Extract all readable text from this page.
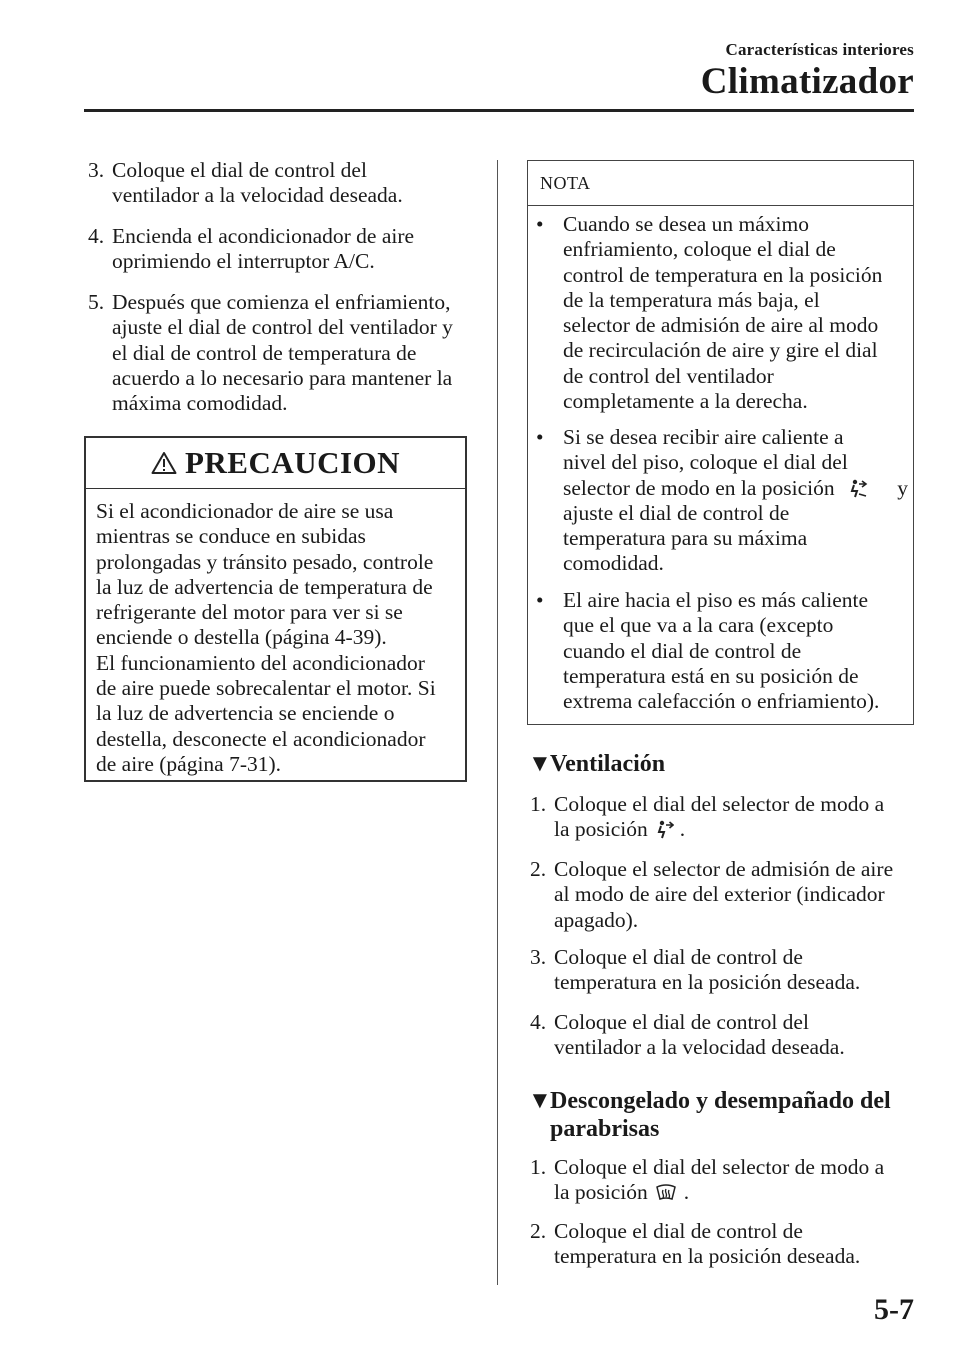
Características interiores
Climatizador
3. Coloque el dial de control del
ventilador a la velocidad deseada.
4. Encienda el acondicionador de aire
oprimiendo el interruptor A/C.
5. Después que comienza el enfriamiento,
ajuste el dial de control del ventilador y
el dial de control de temperatura de
acuerdo a lo necesario para mantener la
máxima comodidad.
PRECAUCION
Si el acondicionador de aire se usa
mientras se conduce en subidas
prolongadas y tránsito pesado, controle
la luz de advertencia de temperatura de
refrigerante del motor para ver si se
enciende o destella (página 4-39).
El funcionamiento del acondicionador
de aire puede sobrecalentar el motor. Si
la luz de advertencia se enciende o
destella, desconecte el acondicionador
de aire (página 7-31).
NOTA
• Cuando se desea un máximo
enfriamiento, coloque el dial de
control de temperatura en la posición
de la temperatura más baja, el
selector de admisión de aire al modo
de recirculación de aire y gire el dial
de control del ventilador
completamente a la derecha.
• Si se desea recibir aire caliente a
nivel del piso, coloque el dial del
selector de modo en la posición	y
ajuste el dial de control de
temperatura para su máxima
comodidad.
• El aire hacia el piso es más caliente
que el que va a la cara (excepto
cuando el dial de control de
temperatura está en su posición de
extrema calefacción o enfriamiento).
▼Ventilación
1. Coloque el dial del selector de modo a
la posición .
2. Coloque el selector de admisión de aire
al modo de aire del exterior (indicador
apagado).
3. Coloque el dial de control de
temperatura en la posición deseada.
4. Coloque el dial de control del
ventilador a la velocidad deseada.
▼Descongelado y desempañado del
parabrisas
1. Coloque el dial del selector de modo a
la posición .
2. Coloque el dial de control de
temperatura en la posición deseada.
5-7
